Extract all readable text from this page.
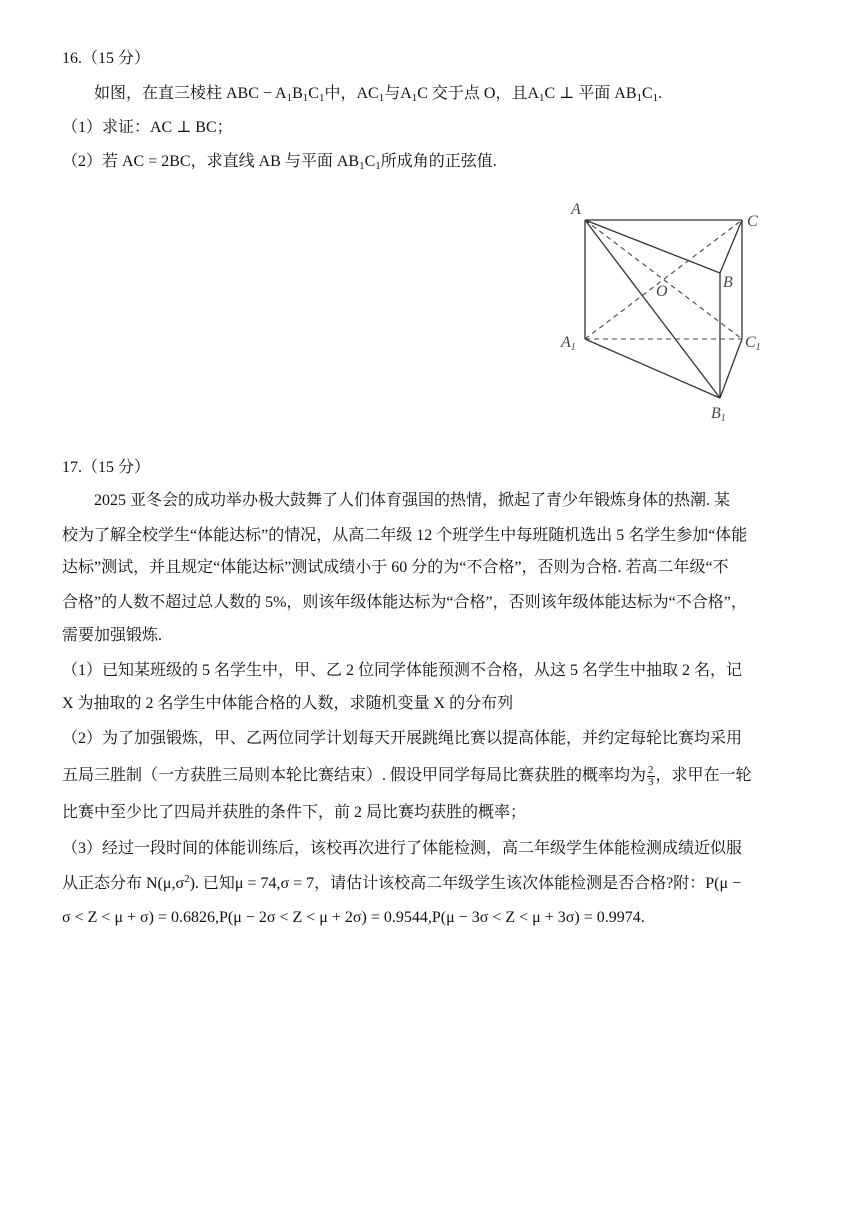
16.（15 分）
如图，在直三棱柱 ABC − $A_1B_1C_1$中，$AC_1$与$A_1C$ 交于点 O，且$A_1C$ ⊥ 平面 $AB_1C_1$.
（1）求证：AC ⊥ BC；
（2）若 AC = 2BC，求直线 AB 与平面 $AB_1C_1$所成角的正弦值.
A
C
B
O
A1	C1
B1
17.（15 分）
2025 亚冬会的成功举办极大鼓舞了人们体育强国的热情，掀起了青少年锻炼身体的热潮. 某
校为了解全校学生“体能达标”的情况，从高二年级 12 个班学生中每班随机选出 5 名学生参加“体能
达标”测试，并且规定“体能达标”测试成绩小于 60 分的为“不合格”，否则为合格. 若高二年级“不
合格”的人数不超过总人数的 5%，则该年级体能达标为“合格”，否则该年级体能达标为“不合格”，
需要加强锻炼.
（1）已知某班级的 5 名学生中，甲、乙 2 位同学体能预测不合格，从这 5 名学生中抽取 2 名，记
X 为抽取的 2 名学生中体能合格的人数，求随机变量 X 的分布列
（2）为了加强锻炼，甲、乙两位同学计划每天开展跳绳比赛以提高体能，并约定每轮比赛均采用
五局三胜制（一方获胜三局则本轮比赛结束）. 假设甲同学每局比赛获胜的概率均为 $\frac{2}{3}$ ，求甲在一轮
比赛中至少比了四局并获胜的条件下，前 2 局比赛均获胜的概率；
（3）经过一段时间的体能训练后，该校再次进行了体能检测，高二年级学生体能检测成绩近似服
从正态分布 $N(\mu,\sigma^2)$. 已知μ = 74,σ = 7，请估计该校高二年级学生该次体能检测是否合格?附：P(μ −
σ < Z < μ + σ) = 0.6826,P(μ − 2σ < Z < μ + 2σ) = 0.9544,P(μ − 3σ < Z < μ + 3σ) = 0.9974.
